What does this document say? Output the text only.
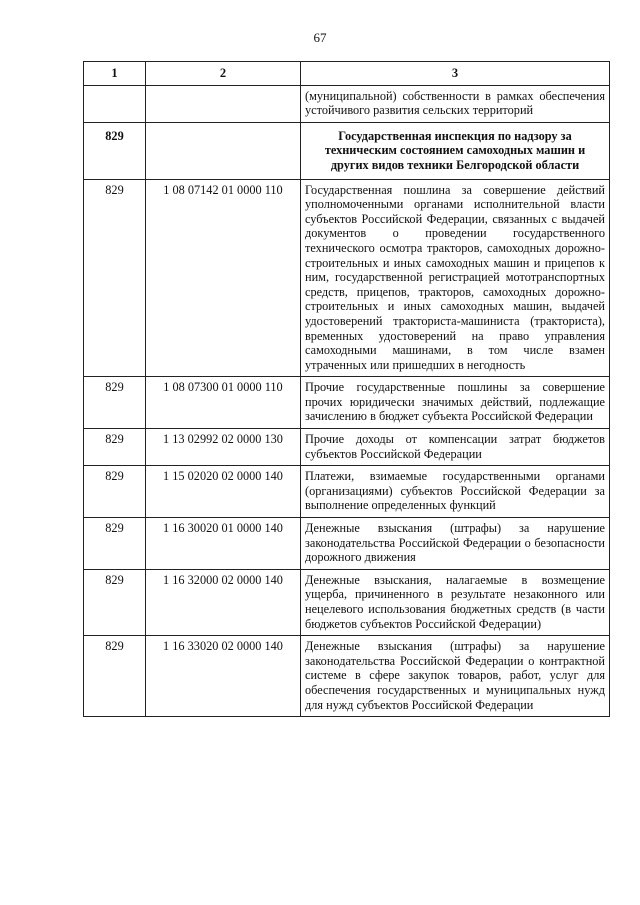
67
1	2	3
		(муниципальной) собственности в рамках обеспечения устойчивого развития сельских территорий
829		Государственная инспекция по надзору за техническим состоянием самоходных машин и других видов техники Белгородской области
829	1 08 07142 01 0000 110	Государственная пошлина за совершение действий уполномоченными органами исполнительной власти субъектов Российской Федерации, связанных с выдачей документов о проведении государственного технического осмотра тракторов, самоходных дорожно-строительных и иных самоходных машин и прицепов к ним, государственной регистрацией мототранспортных средств, прицепов, тракторов, самоходных дорожно-строительных и иных самоходных машин, выдачей удостоверений тракториста-машиниста (тракториста), временных удостоверений на право управления самоходными машинами, в том числе взамен утраченных или пришедших в негодность
829	1 08 07300 01 0000 110	Прочие государственные пошлины за совершение прочих юридически значимых действий, подлежащие зачислению в бюджет субъекта Российской Федерации
829	1 13 02992 02 0000 130	Прочие доходы от компенсации затрат бюджетов субъектов Российской Федерации
829	1 15 02020 02 0000 140	Платежи, взимаемые государственными органами (организациями) субъектов Российской Федерации за выполнение определенных функций
829	1 16 30020 01 0000 140	Денежные взыскания (штрафы) за нарушение законодательства Российской Федерации о безопасности дорожного движения
829	1 16 32000 02 0000 140	Денежные взыскания, налагаемые в возмещение ущерба, причиненного в результате незаконного или нецелевого использования бюджетных средств (в части бюджетов субъектов Российской Федерации)
829	1 16 33020 02 0000 140	Денежные взыскания (штрафы) за нарушение законодательства Российской Федерации о контрактной системе в сфере закупок товаров, работ, услуг для обеспечения государственных и муниципальных нужд для нужд субъектов Российской Федерации
